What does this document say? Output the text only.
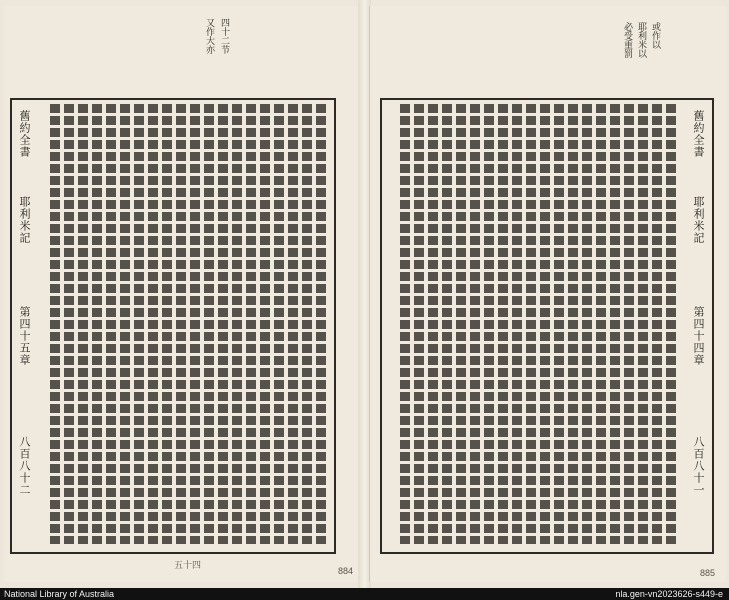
四十二节
又作大亦
舊約全書
耶利米記
第四十五章
八百八十二
五十四
884
或作以
耶利米以
必受重罰
舊約全書
耶利米記
第四十四章
八百八十一
885
National Library of Australia	nla.gen-vn2023626-s449-e
